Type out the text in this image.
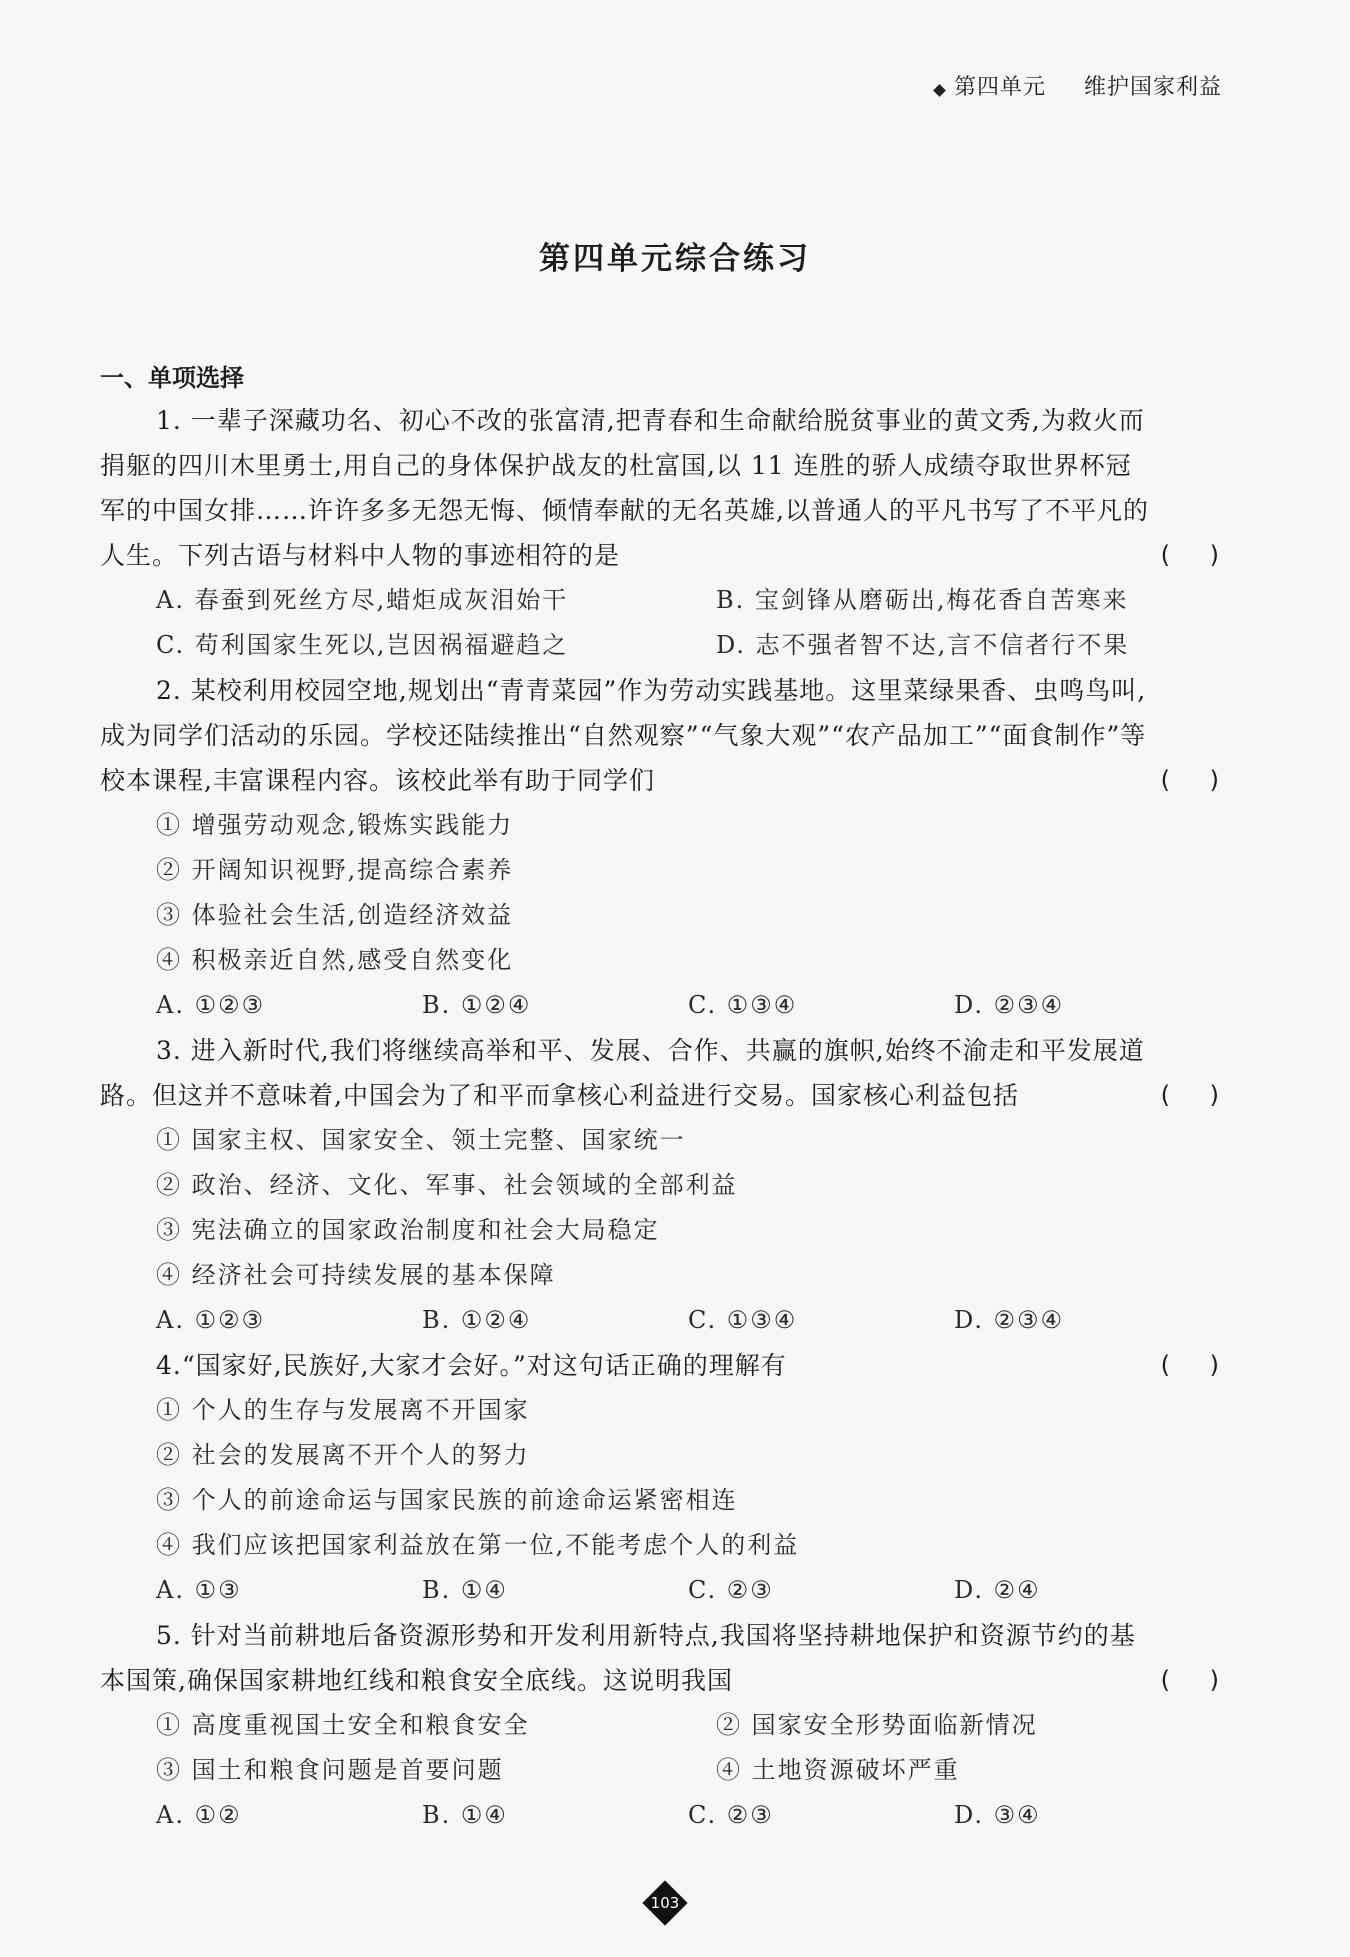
第四单元 维护国家利益
第四单元综合练习
一、单项选择
1. 一辈子深藏功名、初心不改的张富清,把青春和生命献给脱贫事业的黄文秀,为救火而
捐躯的四川木里勇士,用自己的身体保护战友的杜富国,以 11 连胜的骄人成绩夺取世界杯冠
军的中国女排……许许多多无怨无悔、倾情奉献的无名英雄,以普通人的平凡书写了不平凡的
人生。下列古语与材料中人物的事迹相符的是	( )
A. 春蚕到死丝方尽,蜡炬成灰泪始干	B. 宝剑锋从磨砺出,梅花香自苦寒来
C. 苟利国家生死以,岂因祸福避趋之	D. 志不强者智不达,言不信者行不果
2. 某校利用校园空地,规划出“青青菜园”作为劳动实践基地。这里菜绿果香、虫鸣鸟叫,
成为同学们活动的乐园。学校还陆续推出“自然观察”“气象大观”“农产品加工”“面食制作”等
校本课程,丰富课程内容。该校此举有助于同学们	( )
① 增强劳动观念,锻炼实践能力
② 开阔知识视野,提高综合素养
③ 体验社会生活,创造经济效益
④ 积极亲近自然,感受自然变化
A. ①②③	B. ①②④	C. ①③④	D. ②③④
3. 进入新时代,我们将继续高举和平、发展、合作、共赢的旗帜,始终不渝走和平发展道
路。但这并不意味着,中国会为了和平而拿核心利益进行交易。国家核心利益包括	( )
① 国家主权、国家安全、领土完整、国家统一
② 政治、经济、文化、军事、社会领域的全部利益
③ 宪法确立的国家政治制度和社会大局稳定
④ 经济社会可持续发展的基本保障
A. ①②③	B. ①②④	C. ①③④	D. ②③④
4.“国家好,民族好,大家才会好。”对这句话正确的理解有	( )
① 个人的生存与发展离不开国家
② 社会的发展离不开个人的努力
③ 个人的前途命运与国家民族的前途命运紧密相连
④ 我们应该把国家利益放在第一位,不能考虑个人的利益
A. ①③	B. ①④	C. ②③	D. ②④
5. 针对当前耕地后备资源形势和开发利用新特点,我国将坚持耕地保护和资源节约的基
本国策,确保国家耕地红线和粮食安全底线。这说明我国	( )
① 高度重视国土安全和粮食安全	② 国家安全形势面临新情况
③ 国土和粮食问题是首要问题	④ 土地资源破坏严重
A. ①②	B. ①④	C. ②③	D. ③④
103
